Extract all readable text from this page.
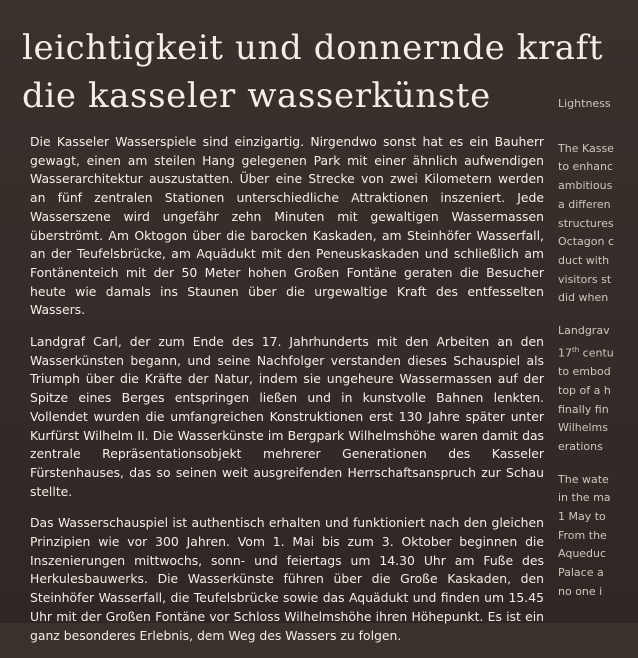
leichtigkeit und donnernde kraft
die kasseler wasserkünste

Die Kasseler Wasserspiele sind einzigartig. Nirgendwo sonst hat es ein Bauherr gewagt, einen am steilen Hang gelegenen Park mit einer ähnlich aufwendigen Wasserarchitektur auszustatten. Über eine Strecke von zwei Kilometern werden an fünf zentralen Stationen unterschiedliche Attraktionen inszeniert. Jede Wasserszene wird ungefähr zehn Minuten mit gewaltigen Wassermassen überströmt. Am Oktogon über die barocken Kaskaden, am Steinhöfer Wasserfall, an der Teufelsbrücke, am Aquädukt mit den Peneuskaskaden und schließlich am Fontänenteich mit der 50 Meter hohen Großen Fontäne geraten die Besucher heute wie damals ins Staunen über die urgewaltige Kraft des entfesselten Wassers.

Landgraf Carl, der zum Ende des 17. Jahrhunderts mit den Arbeiten an den Wasserkünsten begann, und seine Nachfolger verstanden dieses Schauspiel als Triumph über die Kräfte der Natur, indem sie ungeheure Wassermassen auf der Spitze eines Berges entspringen ließen und in kunstvolle Bahnen lenkten. Vollendet wurden die umfangreichen Konstruktionen erst 130 Jahre später unter Kurfürst Wilhelm II. Die Wasserkünste im Bergpark Wilhelmshöhe waren damit das zentrale Repräsentationsobjekt mehrerer Generationen des Kasseler Fürstenhauses, das so seinen weit ausgreifenden Herrschaftsanspruch zur Schau stellte.

Das Wasserschauspiel ist authentisch erhalten und funktioniert nach den gleichen Prinzipien wie vor 300 Jahren. Vom 1. Mai bis zum 3. Oktober beginnen die Inszenierungen mittwochs, sonn- und feiertags um 14.30 Uhr am Fuße des Herkulesbauwerks. Die Wasserkünste führen über die Große Kaskaden, den Steinhöfer Wasserfall, die Teufelsbrücke sowie das Aquädukt und finden um 15.45 Uhr mit der Großen Fontäne vor Schloss Wilhelmshöhe ihren Höhepunkt. Es ist ein ganz besonderes Erlebnis, dem Weg des Wassers zu folgen.

Lightness
The Kasse
to enhanc
ambitious
a differen
structures
Octagon c
duct with
visitors st
did when
Landgrav
17th centu
to embod
top of a h
finally fin
Wilhelms
erations
The wate
in the ma
1 May to
From the
Aqueduc
Palace a
no one i
